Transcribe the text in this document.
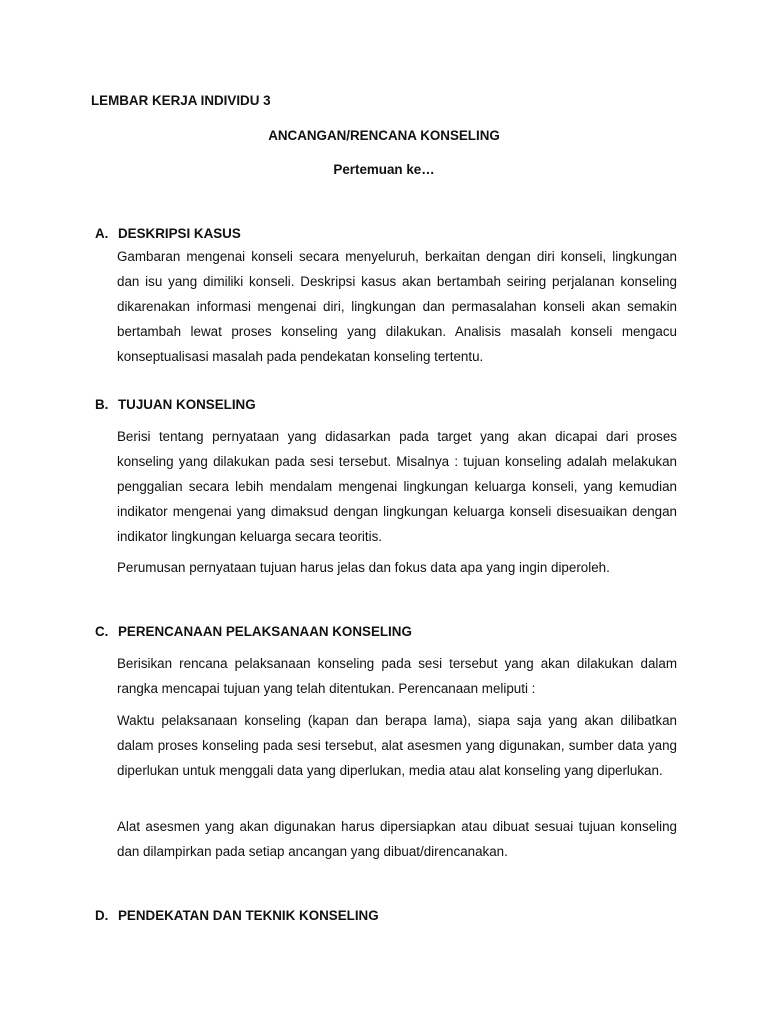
LEMBAR KERJA INDIVIDU 3

ANCANGAN/RENCANA KONSELING

Pertemuan ke…

A. DESKRIPSI KASUS

Gambaran mengenai konseli secara menyeluruh, berkaitan dengan diri konseli, lingkungan dan isu yang dimiliki konseli. Deskripsi kasus akan bertambah seiring perjalanan konseling dikarenakan informasi mengenai diri, lingkungan dan permasalahan konseli akan semakin bertambah lewat proses konseling yang dilakukan. Analisis masalah konseli mengacu konseptualisasi masalah pada pendekatan konseling tertentu.

B. TUJUAN KONSELING

Berisi tentang pernyataan yang didasarkan pada target yang akan dicapai dari proses konseling yang dilakukan pada sesi tersebut. Misalnya : tujuan konseling adalah melakukan penggalian secara lebih mendalam mengenai lingkungan keluarga konseli, yang kemudian indikator mengenai yang dimaksud dengan lingkungan keluarga konseli disesuaikan dengan indikator lingkungan keluarga secara teoritis.

Perumusan pernyataan tujuan harus jelas dan fokus data apa yang ingin diperoleh.

C. PERENCANAAN PELAKSANAAN KONSELING

Berisikan rencana pelaksanaan konseling pada sesi tersebut yang akan dilakukan dalam rangka mencapai tujuan yang telah ditentukan. Perencanaan meliputi :

Waktu pelaksanaan konseling (kapan dan berapa lama), siapa saja yang akan dilibatkan dalam proses konseling pada sesi tersebut, alat asesmen yang digunakan, sumber data yang diperlukan untuk menggali data yang diperlukan, media atau alat konseling yang diperlukan.

Alat asesmen yang akan digunakan harus dipersiapkan atau dibuat sesuai tujuan konseling dan dilampirkan pada setiap ancangan yang dibuat/direncanakan.

D. PENDEKATAN DAN TEKNIK KONSELING
